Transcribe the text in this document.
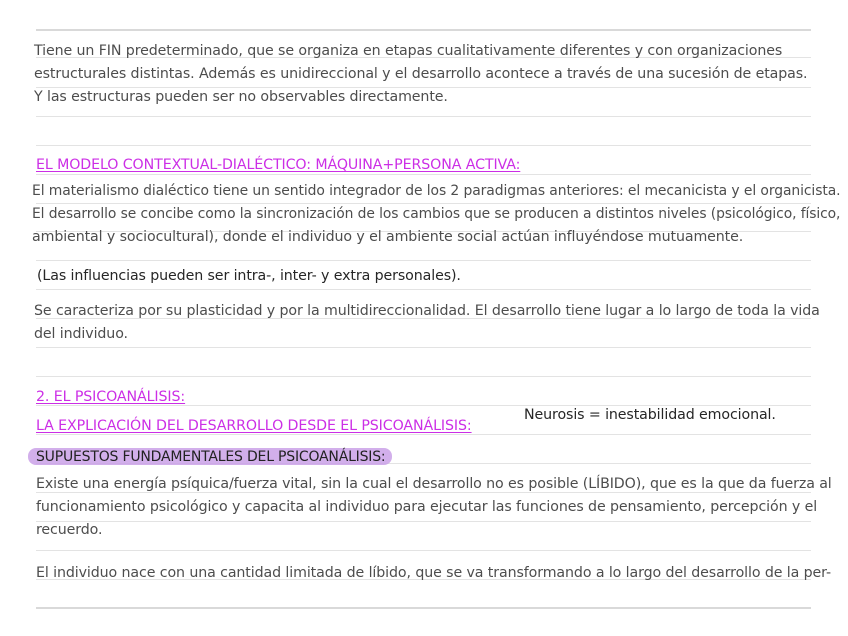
Tiene un FIN predeterminado, que se organiza en etapas cualitativamente diferentes y con organizaciones
estructurales distintas. Además es unidireccional y el desarrollo acontece a través de una sucesión de etapas.
Y las estructuras pueden ser no observables directamente.
EL MODELO CONTEXTUAL-DIALÉCTICO: MÁQUINA+PERSONA ACTIVA:
El materialismo dialéctico tiene un sentido integrador de los 2 paradigmas anteriores: el mecanicista y el organicista.
El desarrollo se concibe como la sincronización de los cambios que se producen a distintos niveles (psicológico, físico,
ambiental y sociocultural), donde el individuo y el ambiente social actúan influyéndose mutuamente.
(Las influencias pueden ser intra-, inter- y extra personales).
Se caracteriza por su plasticidad y por la multidireccionalidad. El desarrollo tiene lugar a lo largo de toda la vida
del individuo.
2. EL PSICOANÁLISIS:
LA EXPLICACIÓN DEL DESARROLLO DESDE EL PSICOANÁLISIS:
Neurosis = inestabilidad emocional.
SUPUESTOS FUNDAMENTALES DEL PSICOANÁLISIS:
Existe una energía psíquica/fuerza vital, sin la cual el desarrollo no es posible (LÍBIDO), que es la que da fuerza al
funcionamiento psicológico y capacita al individuo para ejecutar las funciones de pensamiento, percepción y el
recuerdo.
El individuo nace con una cantidad limitada de líbido, que se va transformando a lo largo del desarrollo de la per-
